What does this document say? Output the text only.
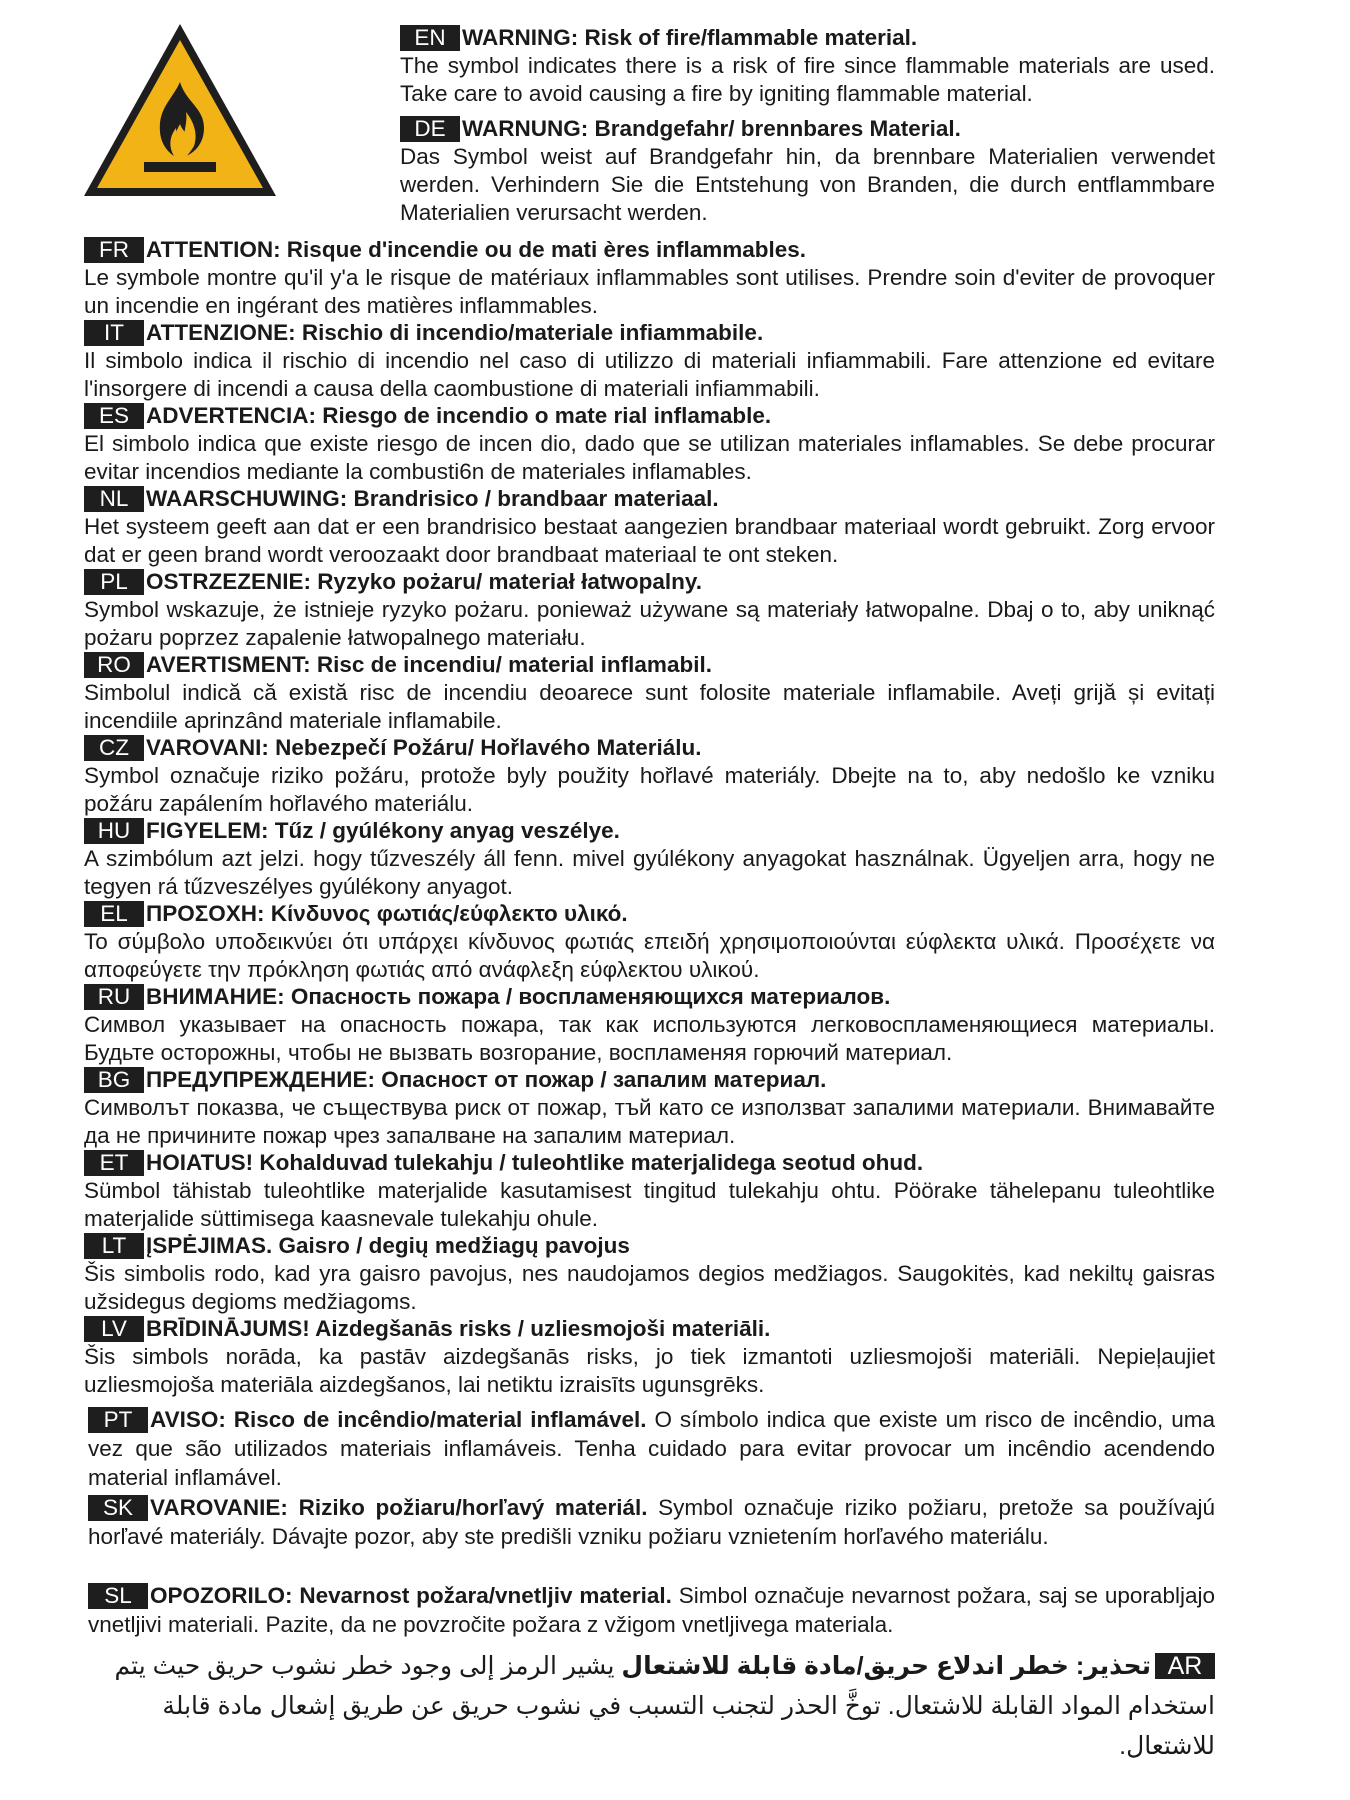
EN WARNING: Risk of fire/flammable material.
The symbol indicates there is a risk of fire since flammable materials are used. Take care to avoid causing a fire by igniting flammable material.
DE WARNUNG: Brandgefahr/ brennbares Material.
Das Symbol weist auf Brandgefahr hin, da brennbare Materialien verwendet werden. Verhindern Sie die Entstehung von Branden, die durch entflammbare Materialien verursacht werden.
FR ATTENTION: Risque d'incendie ou de mati ères inflammables.
Le symbole montre qu'il y'a le risque de matériaux inflammables sont utilises. Prendre soin d'eviter de provoquer un incendie en ingérant des matières inflammables.
IT ATTENZIONE: Rischio di incendio/materiale infiammabile.
Il simbolo indica il rischio di incendio nel caso di utilizzo di materiali infiammabili. Fare attenzione ed evitare l'insorgere di incendi a causa della caombustione di materiali infiammabili.
ES ADVERTENCIA: Riesgo de incendio o mate rial inflamable.
El simbolo indica que existe riesgo de incen dio, dado que se utilizan materiales inflamables. Se debe procurar evitar incendios mediante la combusti6n de materiales inflamables.
NL WAARSCHUWING: Brandrisico / brandbaar materiaal.
Het systeem geeft aan dat er een brandrisico bestaat aangezien brandbaar materiaal wordt gebruikt. Zorg ervoor dat er geen brand wordt veroozaakt door brandbaat materiaal te ont steken.
PL OSTRZEZENIE: Ryzyko pożaru/ materiał łatwopalny.
Symbol wskazuje, że istnieje ryzyko pożaru. ponieważ używane są materiały łatwopalne. Dbaj o to, aby uniknąć pożaru poprzez zapalenie łatwopalnego materiału.
RO AVERTISMENT: Risc de incendiu/ material inflamabil.
Simbolul indică că există risc de incendiu deoarece sunt folosite materiale inflamabile. Aveți grijă și evitați incendiile aprinzând materiale inflamabile.
CZ VAROVANI: Nebezpečí Požáru/ Hořlavého Materiálu.
Symbol označuje riziko požáru, protože byly použity hořlavé materiály. Dbejte na to, aby nedošlo ke vzniku požáru zapálením hořlavého materiálu.
HU FIGYELEM: Tűz / gyúlékony anyag veszélye.
A szimbólum azt jelzi. hogy tűzveszély áll fenn. mivel gyúlékony anyagokat használnak. Ügyeljen arra, hogy ne tegyen rá tűzveszélyes gyúlékony anyagot.
EL ΠΡΟΣΟΧΗ: Κίνδυνος φωτιάς/εύφλεκτο υλικό.
Το σύμβολο υποδεικνύει ότι υπάρχει κίνδυνος φωτιάς επειδή χρησιμοποιούνται εύφλεκτα υλικά. Προσέχετε να αποφεύγετε την πρόκληση φωτιάς από ανάφλεξη εύφλεκτου υλικού.
RU ВНИМАНИЕ: Опасность пожара / воспламеняющихся материалов.
Символ указывает на опасность пожара, так как используются легковоспламеняющиеся материалы. Будьте осторожны, чтобы не вызвать возгорание, воспламеняя горючий материал.
BG ПРЕДУПРЕЖДЕНИЕ: Опасност от пожар / запалим материал.
Символът показва, че съществува риск от пожар, тъй като се използват запалими материали. Внимавайте да не причините пожар чрез запалване на запалим материал.
ET HOIATUS! Kohalduvad tulekahju / tuleohtlike materjalidega seotud ohud.
Sümbol tähistab tuleohtlike materjalide kasutamisest tingitud tulekahju ohtu. Pöörake tähelepanu tuleohtlike materjalide süttimisega kaasnevale tulekahju ohule.
LT ĮSPĖJIMAS. Gaisro / degių medžiagų pavojus
Šis simbolis rodo, kad yra gaisro pavojus, nes naudojamos degios medžiagos. Saugokitės, kad nekiltų gaisras užsidegus degioms medžiagoms.
LV BRĪDINĀJUMS! Aizdegšanās risks / uzliesmojoši materiāli.
Šis simbols norāda, ka pastāv aizdegšanās risks, jo tiek izmantoti uzliesmojoši materiāli. Nepieļaujiet uzliesmojoša materiāla aizdegšanos, lai netiktu izraisīts ugunsgrēks.
PT AVISO: Risco de incêndio/material inflamável. O símbolo indica que existe um risco de incêndio, uma vez que são utilizados materiais inflamáveis. Tenha cuidado para evitar provocar um incêndio acendendo material inflamável.
SK VAROVANIE: Riziko požiaru/horľavý materiál. Symbol označuje riziko požiaru, pretože sa používajú horľavé materiály. Dávajte pozor, aby ste predišli vzniku požiaru vznietením horľavého materiálu.
SL OPOZORILO: Nevarnost požara/vnetljiv material. Simbol označuje nevarnost požara, saj se uporabljajo vnetljivi materiali. Pazite, da ne povzročite požara z vžigom vnetljivega materiala.
ARتحذير: خطر اندلاع حريق/مادة قابلة للاشتعال يشير الرمز إلى وجود خطر نشوب حريق حيث يتم استخدام المواد القابلة للاشتعال. توخَّ الحذر لتجنب التسبب في نشوب حريق عن طريق إشعال مادة قابلة للاشتعال.
